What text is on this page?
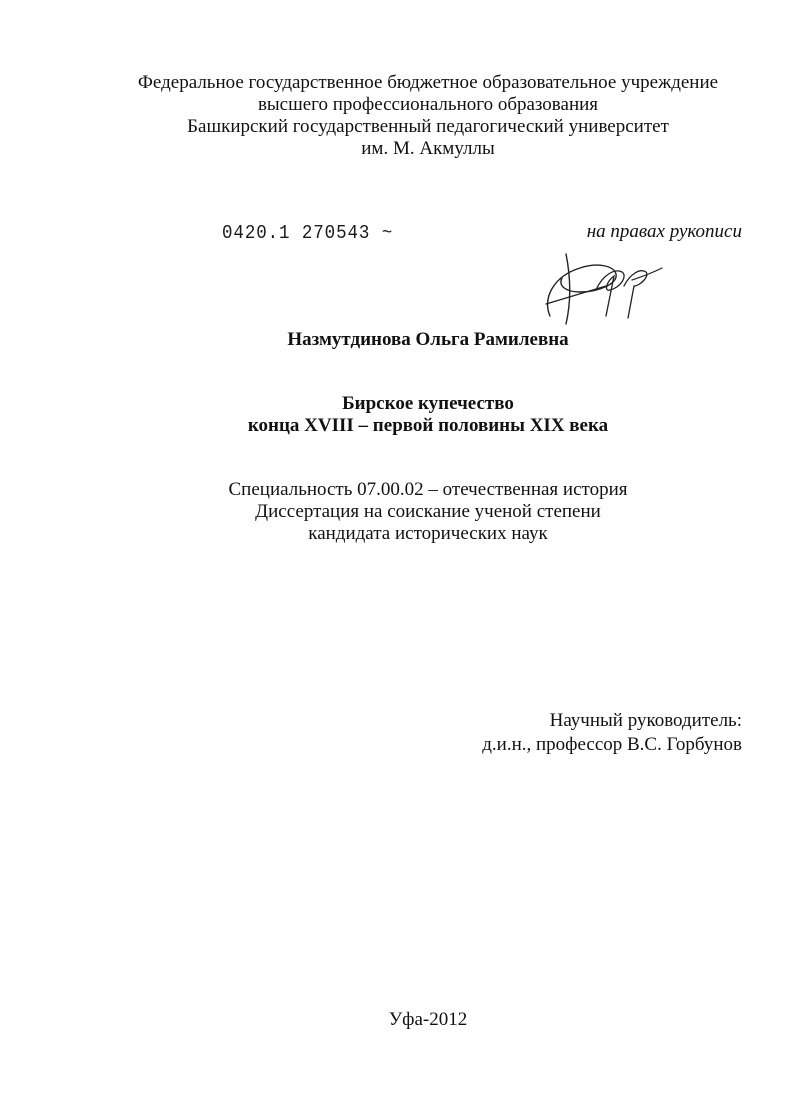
Федеральное государственное бюджетное образовательное учреждение
высшего профессионального образования
Башкирский государственный педагогический университет
им. М. Акмуллы
0420.1 270543 ~	на правах рукописи
Назмутдинова Ольга Рамилевна
Бирское купечество
конца XVIII – первой половины XIX века
Специальность 07.00.02 – отечественная история
Диссертация на соискание ученой степени
кандидата исторических наук
Научный руководитель:
д.и.н., профессор В.С. Горбунов
Уфа-2012
